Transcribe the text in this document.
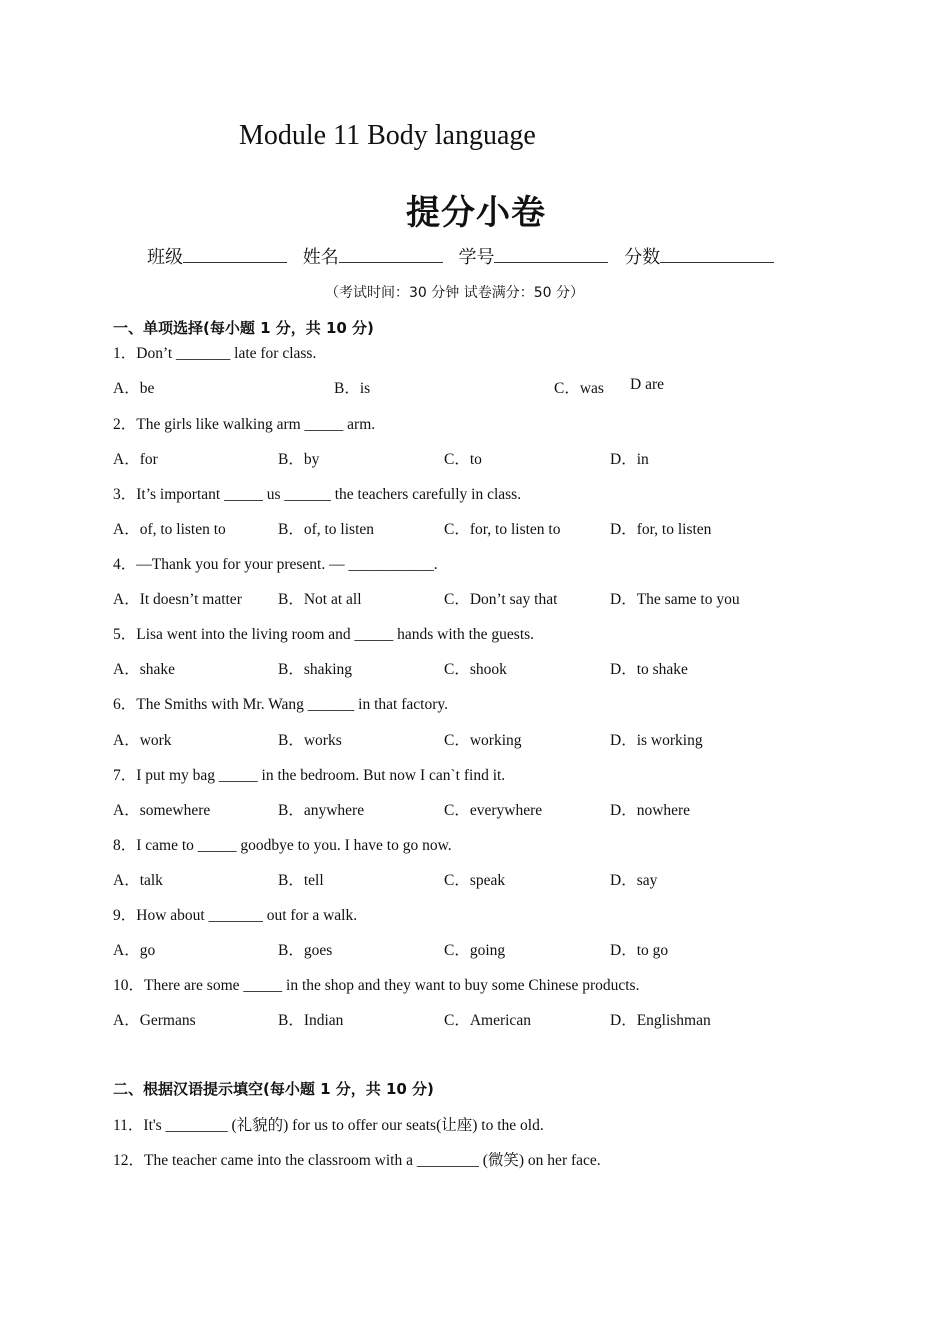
Module 11 Body language
提分小卷
班级	姓名	学号	分数
（考试时间：30 分钟 试卷满分：50 分）
一、单项选择(每小题 1 分，共 10 分)
1．Don’t _______ late for class.
A．be	B．is	C．was D are
2．The girls like walking arm _____ arm.
A．for	B．by	C．to	D．in
3．It’s important _____ us ______ the teachers carefully in class.
A．of, to listen to	B．of, to listen	C．for, to listen to	D．for, to listen
4．—Thank you for your present. — ___________.
A．It doesn’t matter B．Not at all	C．Don’t say that	D．The same to you
5．Lisa went into the living room and _____ hands with the guests.
A．shake	B．shaking	C．shook	D．to shake
6．The Smiths with Mr. Wang ______ in that factory.
A．work	B．works	C．working	D．is working
7．I put my bag _____ in the bedroom. But now I can`t find it.
A．somewhere	B．anywhere	C．everywhere	D．nowhere
8．I came to _____ goodbye to you. I have to go now.
A．talk	B．tell	C．speak	D．say
9．How about _______ out for a walk.
A．go	B．goes	C．going	D．to go
10．There are some _____ in the shop and they want to buy some Chinese products.
A．Germans	B．Indian	C．American	D．Englishman
二、根据汉语提示填空(每小题 1 分，共 10 分)
11．It's ________ (礼貌的) for us to offer our seats(让座) to the old.
12．The teacher came into the classroom with a ________ (微笑) on her face.
